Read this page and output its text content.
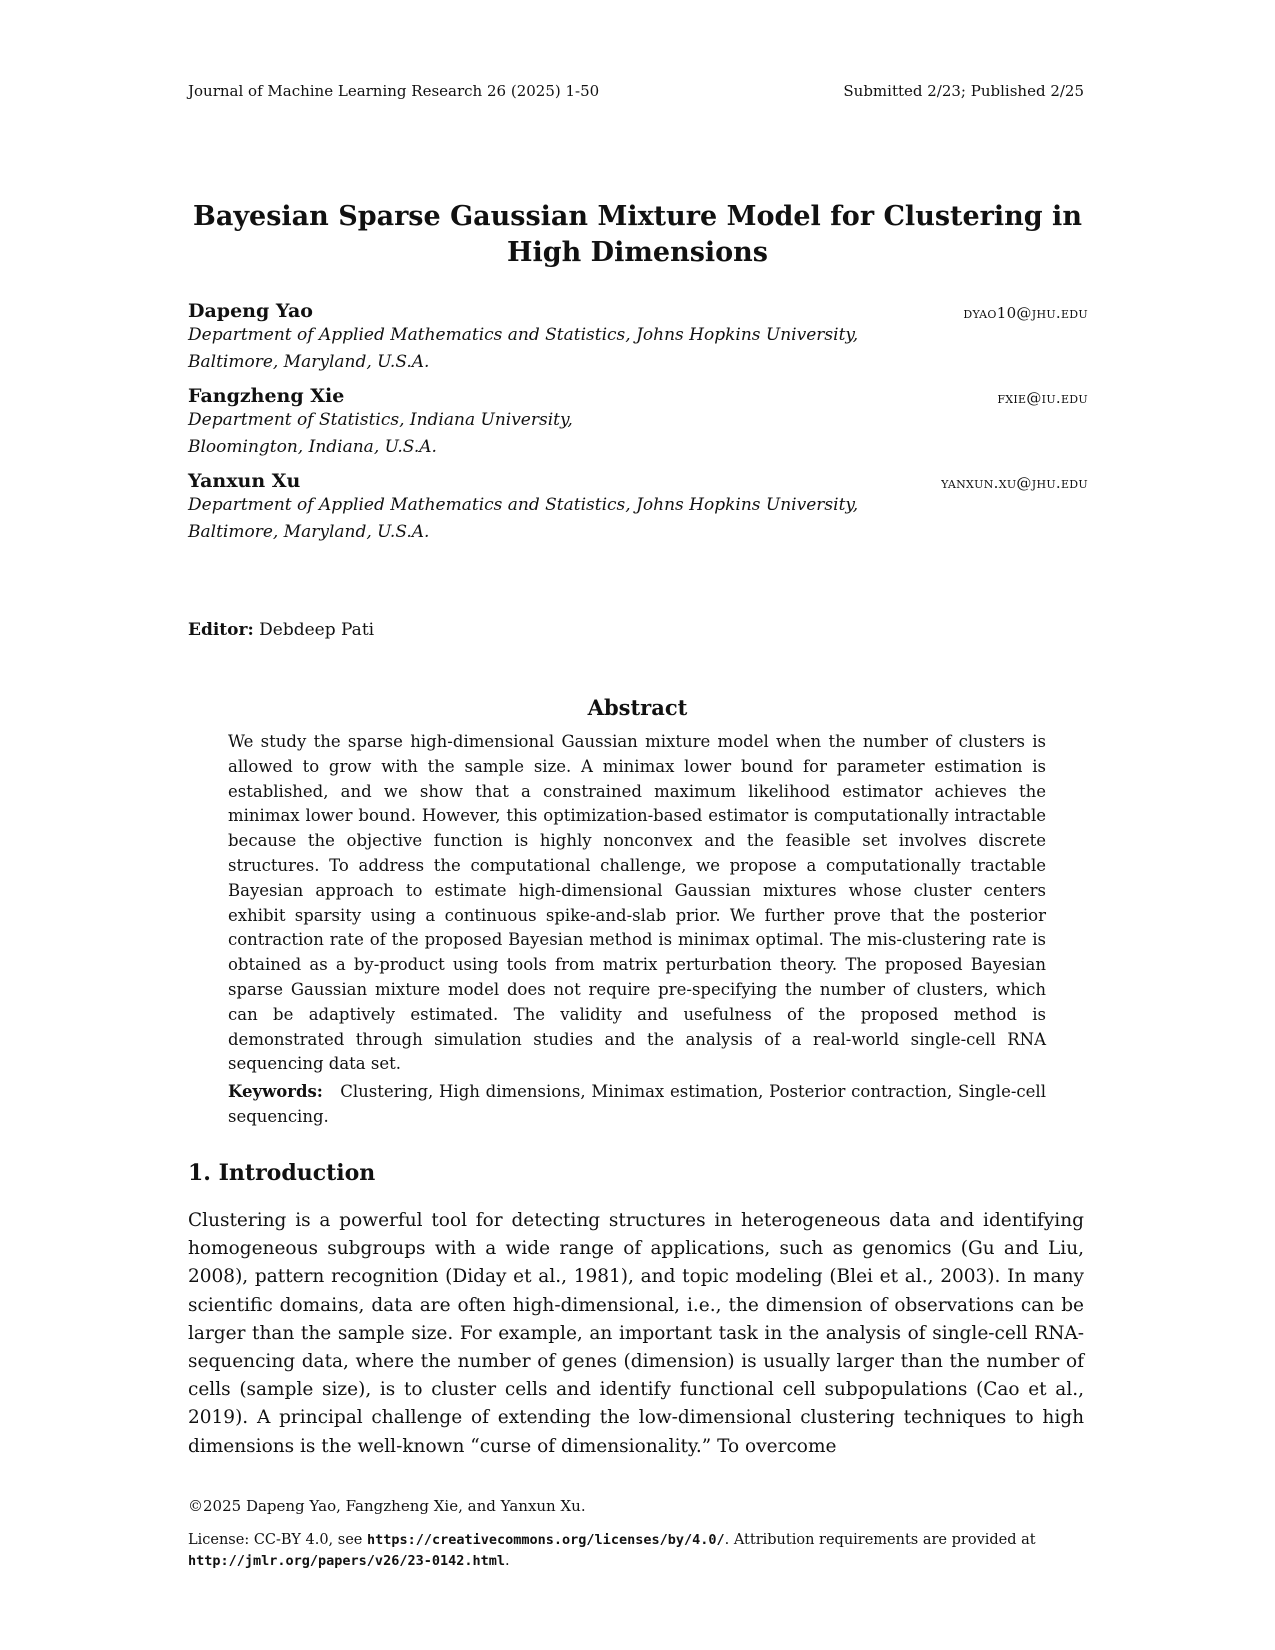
Journal of Machine Learning Research 26 (2025) 1-50	Submitted 2/23; Published 2/25
Bayesian Sparse Gaussian Mixture Model for Clustering in
High Dimensions
Dapeng Yao	dyao10@jhu.edu
Department of Applied Mathematics and Statistics, Johns Hopkins University,
Baltimore, Maryland, U.S.A.
Fangzheng Xie	fxie@iu.edu
Department of Statistics, Indiana University,
Bloomington, Indiana, U.S.A.
Yanxun Xu	yanxun.xu@jhu.edu
Department of Applied Mathematics and Statistics, Johns Hopkins University,
Baltimore, Maryland, U.S.A.
Editor: Debdeep Pati
Abstract
We study the sparse high-dimensional Gaussian mixture model when the number of clusters is allowed to grow with the sample size. A minimax lower bound for parameter estimation is established, and we show that a constrained maximum likelihood estimator achieves the minimax lower bound. However, this optimization-based estimator is computationally intractable because the objective function is highly nonconvex and the feasible set involves discrete structures. To address the computational challenge, we propose a computationally tractable Bayesian approach to estimate high-dimensional Gaussian mixtures whose cluster centers exhibit sparsity using a continuous spike-and-slab prior. We further prove that the posterior contraction rate of the proposed Bayesian method is minimax optimal. The mis-clustering rate is obtained as a by-product using tools from matrix perturbation theory. The proposed Bayesian sparse Gaussian mixture model does not require pre-specifying the number of clusters, which can be adaptively estimated. The validity and usefulness of the proposed method is demonstrated through simulation studies and the analysis of a real-world single-cell RNA sequencing data set.
Keywords: Clustering, High dimensions, Minimax estimation, Posterior contraction, Single-cell sequencing.
1. Introduction
Clustering is a powerful tool for detecting structures in heterogeneous data and identifying homogeneous subgroups with a wide range of applications, such as genomics (Gu and Liu, 2008), pattern recognition (Diday et al., 1981), and topic modeling (Blei et al., 2003). In many scientific domains, data are often high-dimensional, i.e., the dimension of observations can be larger than the sample size. For example, an important task in the analysis of single-cell RNA-sequencing data, where the number of genes (dimension) is usually larger than the number of cells (sample size), is to cluster cells and identify functional cell subpopulations (Cao et al., 2019). A principal challenge of extending the low-dimensional clustering techniques to high dimensions is the well-known “curse of dimensionality.” To overcome
©2025 Dapeng Yao, Fangzheng Xie, and Yanxun Xu.
License: CC-BY 4.0, see https://creativecommons.org/licenses/by/4.0/. Attribution requirements are provided at http://jmlr.org/papers/v26/23-0142.html.
